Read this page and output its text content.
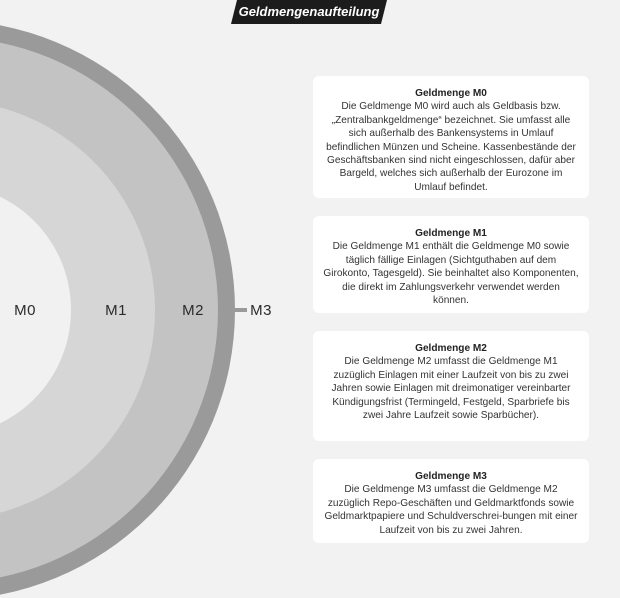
Geldmengenaufteilung
M0	M1	M2	M3
Geldmenge M0

Die Geldmenge M0 wird auch als Geldbasis bzw. „Zentralbankgeldmenge“ bezeichnet. Sie umfasst alle sich außerhalb des Bankensystems in Umlauf befindlichen Münzen und Scheine. Kassenbestände der Geschäftsbanken sind nicht eingeschlossen, dafür aber Bargeld, welches sich außerhalb der Eurozone im Umlauf befindet.

Geldmenge M1

Die Geldmenge M1 enthält die Geldmenge M0 sowie täglich fällige Einlagen (Sichtguthaben auf dem Girokonto, Tagesgeld). Sie beinhaltet also Komponenten, die direkt im Zahlungsverkehr verwendet werden können.

Geldmenge M2

Die Geldmenge M2 umfasst die Geldmenge M1 zuzüglich Einlagen mit einer Laufzeit von bis zu zwei Jahren sowie Einlagen mit dreimonatiger vereinbarter Kündigungsfrist (Termingeld, Festgeld, Sparbriefe bis zwei Jahre Laufzeit sowie Sparbücher).

Geldmenge M3

Die Geldmenge M3 umfasst die Geldmenge M2 zuzüglich Repo-Geschäften und Geldmarktfonds sowie Geldmarktpapiere und Schuldverschrei-bungen mit einer Laufzeit von bis zu zwei Jahren.
